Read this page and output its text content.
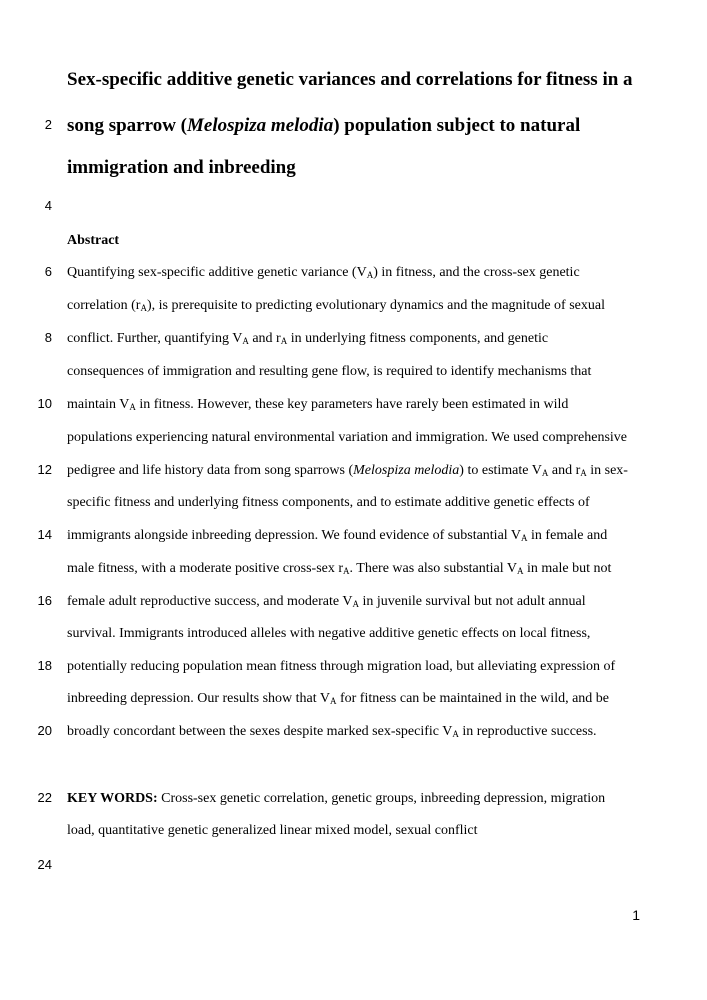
2
4
6
8
10
12
14
16
18
20
22
24
Sex-specific additive genetic variances and correlations for fitness in a
song sparrow (Melospiza melodia) population subject to natural
immigration and inbreeding
Abstract
Quantifying sex-specific additive genetic variance $(V_A)$ in fitness, and the cross-sex genetic
correlation $(r_A)$, is prerequisite to predicting evolutionary dynamics and the magnitude of sexual
conflict. Further, quantifying $V_A$ and $r_A$ in underlying fitness components, and genetic
consequences of immigration and resulting gene flow, is required to identify mechanisms that
maintain $V_A$ in fitness. However, these key parameters have rarely been estimated in wild
populations experiencing natural environmental variation and immigration. We used comprehensive
pedigree and life history data from song sparrows (Melospiza melodia) to estimate $V_A$ and $r_A$ in sex-
specific fitness and underlying fitness components, and to estimate additive genetic effects of
immigrants alongside inbreeding depression. We found evidence of substantial $V_A$ in female and
male fitness, with a moderate positive cross-sex $r_A$. There was also substantial $V_A$ in male but not
female adult reproductive success, and moderate $V_A$ in juvenile survival but not adult annual
survival. Immigrants introduced alleles with negative additive genetic effects on local fitness,
potentially reducing population mean fitness through migration load, but alleviating expression of
inbreeding depression. Our results show that $V_A$ for fitness can be maintained in the wild, and be
broadly concordant between the sexes despite marked sex-specific $V_A$ in reproductive success.
KEY WORDS: Cross-sex genetic correlation, genetic groups, inbreeding depression, migration
load, quantitative genetic generalized linear mixed model, sexual conflict
1
